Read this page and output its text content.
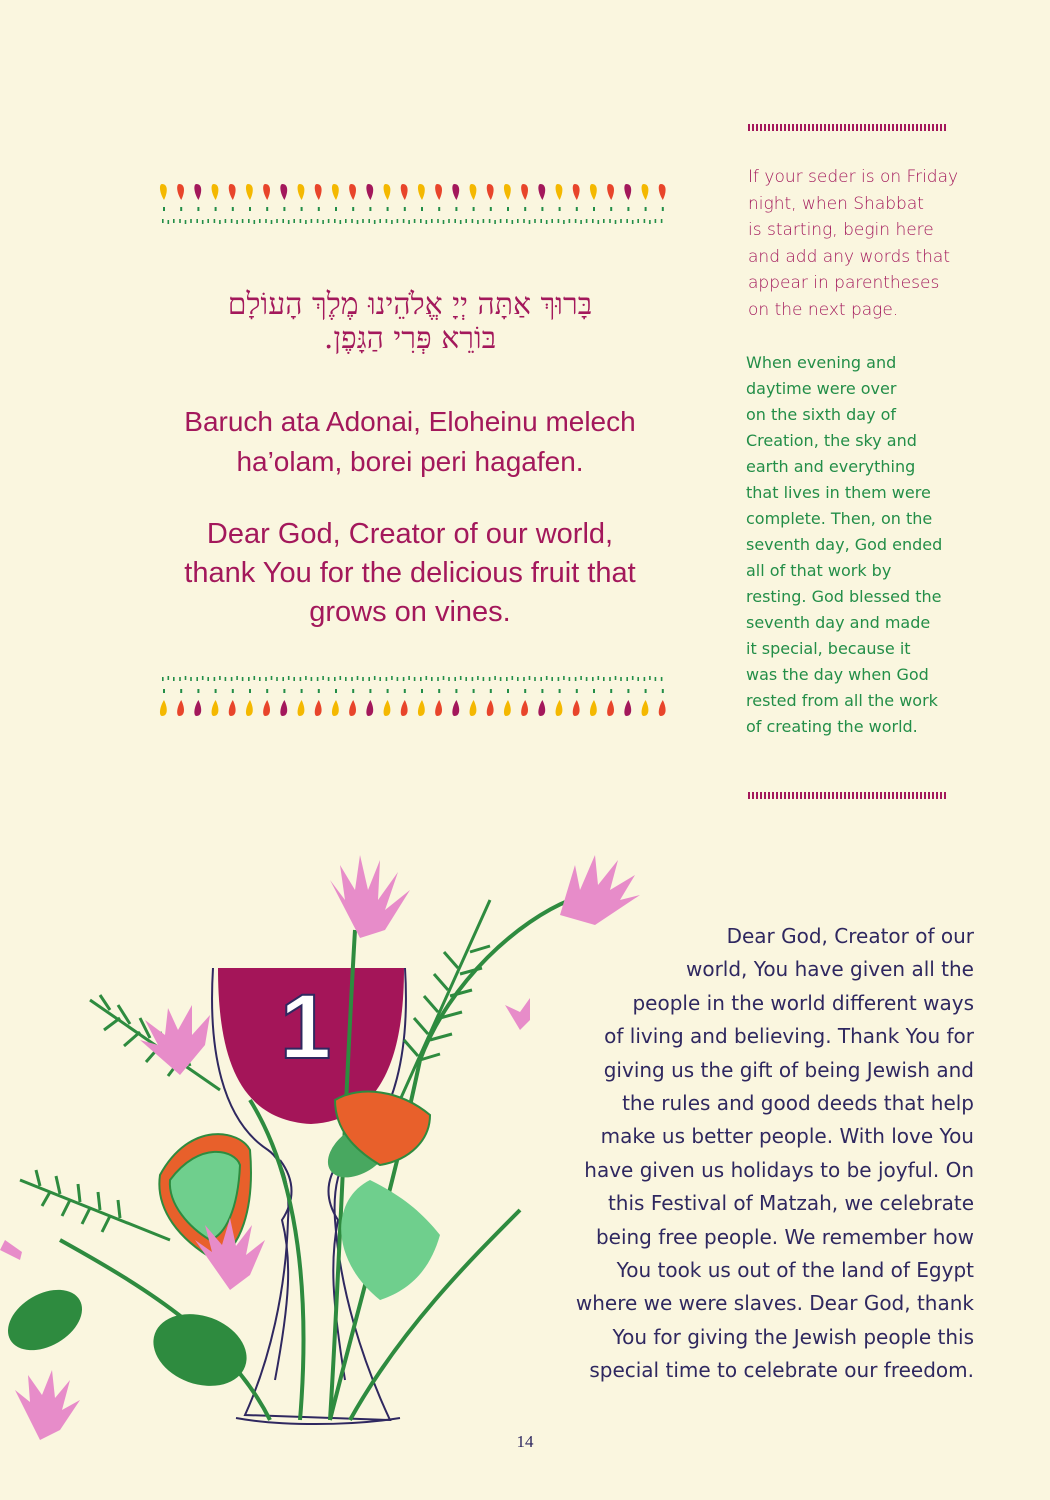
בָּרוּךְ אַתָּה יְיָ אֱלֹהֵינוּ מֶלֶךְ הָעוֹלָם
בּוֹרֵא פְּרִי הַגָּפֶן.
Baruch ata Adonai, Eloheinu melech
ha’olam, borei peri hagafen.
Dear God, Creator of our world,
thank You for the delicious fruit that
grows on vines.
If your seder is on Friday
night, when Shabbat
is starting, begin here
and add any words that
appear in parentheses
on the next page.
When evening and
daytime were over
on the sixth day of
Creation, the sky and
earth and everything
that lives in them were
complete. Then, on the
seventh day, God ended
all of that work by
resting. God blessed the
seventh day and made
it special, because it
was the day when God
rested from all the work
of creating the world.
1
Dear God, Creator of our
world, You have given all the
people in the world different ways
of living and believing. Thank You for
giving us the gift of being Jewish and
the rules and good deeds that help
make us better people. With love You
have given us holidays to be joyful. On
this Festival of Matzah, we celebrate
being free people. We remember how
You took us out of the land of Egypt
where we were slaves. Dear God, thank
You for giving the Jewish people this
special time to celebrate our freedom.
14
